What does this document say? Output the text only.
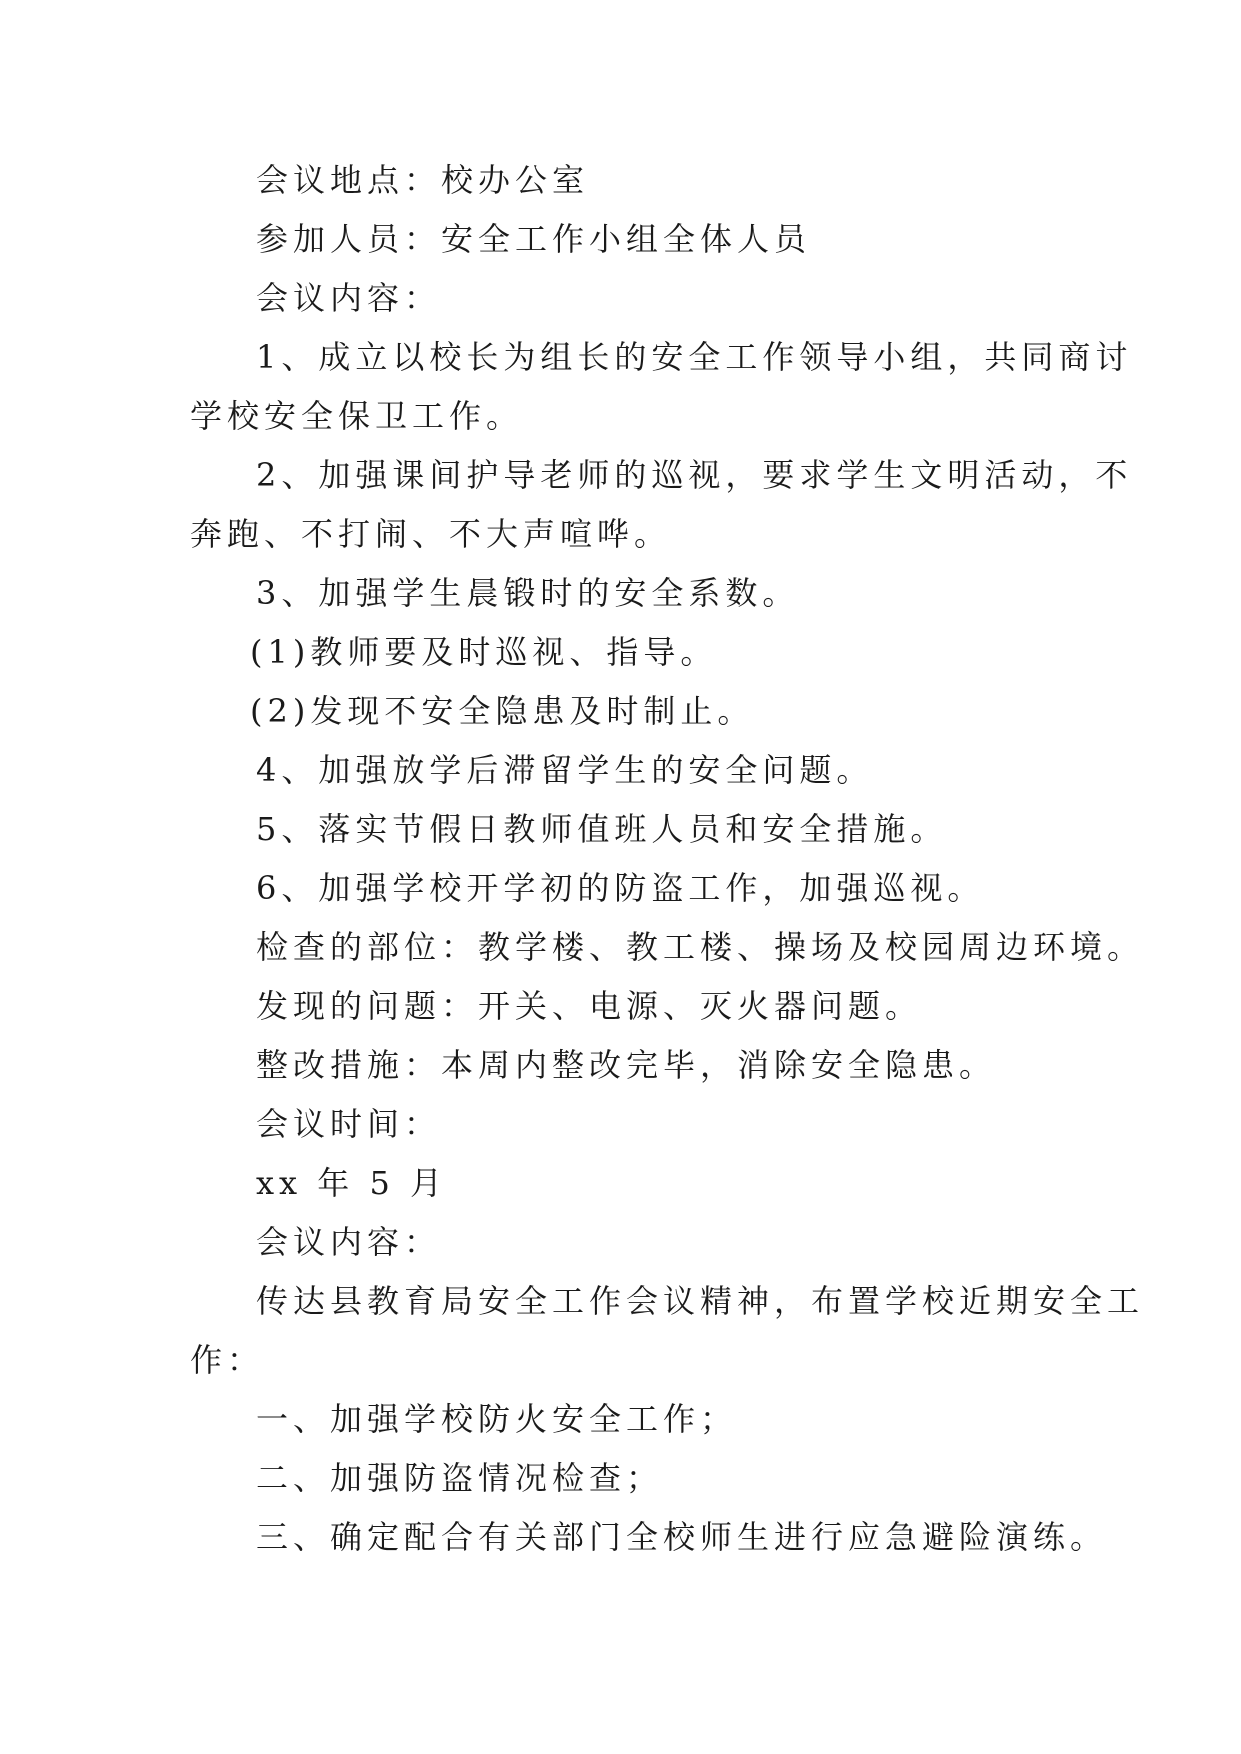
会议地点：校办公室
参加人员：安全工作小组全体人员
会议内容：
1、成立以校长为组长的安全工作领导小组，共同商讨
学校安全保卫工作。
2、加强课间护导老师的巡视，要求学生文明活动，不
奔跑、不打闹、不大声喧哗。
3、加强学生晨锻时的安全系数。
(1)教师要及时巡视、指导。
(2)发现不安全隐患及时制止。
4、加强放学后滞留学生的安全问题。
5、落实节假日教师值班人员和安全措施。
6、加强学校开学初的防盗工作，加强巡视。
检查的部位：教学楼、教工楼、操场及校园周边环境。
发现的问题：开关、电源、灭火器问题。
整改措施：本周内整改完毕，消除安全隐患。
会议时间：
xx 年 5 月
会议内容：
传达县教育局安全工作会议精神，布置学校近期安全工
作：
一、加强学校防火安全工作；
二、加强防盗情况检查；
三、确定配合有关部门全校师生进行应急避险演练。
